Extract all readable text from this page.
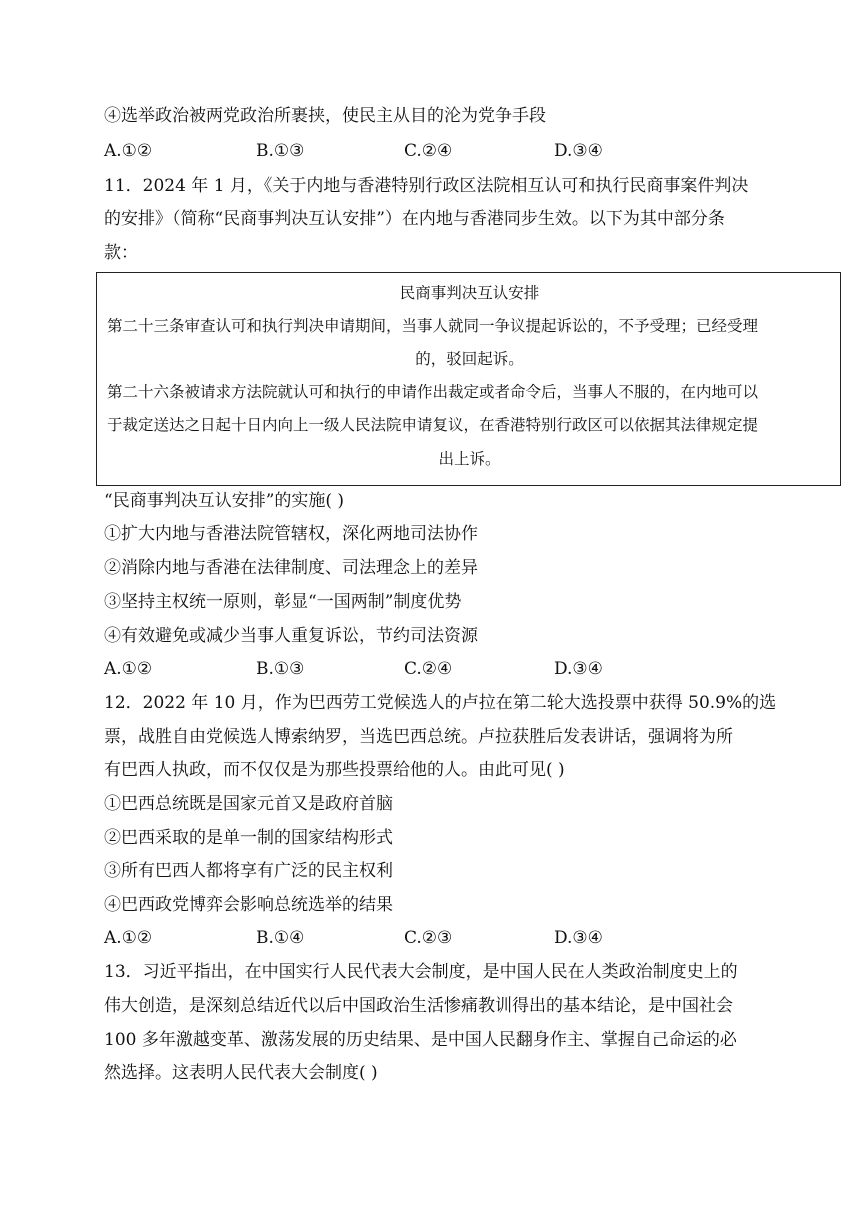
④选举政治被两党政治所裹挟，使民主从目的沦为党争手段
A.①②	B.①③	C.②④	D.③④
11．2024 年 1 月，《关于内地与香港特别行政区法院相互认可和执行民商事案件判决
的安排》（简称“民商事判决互认安排”）在内地与香港同步生效。以下为其中部分条
款：
民商事判决互认安排
第二十三条审查认可和执行判决申请期间，当事人就同一争议提起诉讼的，不予受理；已经受理
的，驳回起诉。
第二十六条被请求方法院就认可和执行的申请作出裁定或者命令后，当事人不服的，在内地可以
于裁定送达之日起十日内向上一级人民法院申请复议，在香港特别行政区可以依据其法律规定提
出上诉。
“民商事判决互认安排”的实施( )
①扩大内地与香港法院管辖权，深化两地司法协作
②消除内地与香港在法律制度、司法理念上的差异
③坚持主权统一原则，彰显“一国两制”制度优势
④有效避免或减少当事人重复诉讼，节约司法资源
A.①②	B.①③	C.②④	D.③④
12．2022 年 10 月，作为巴西劳工党候选人的卢拉在第二轮大选投票中获得 50.9%的选
票，战胜自由党候选人博索纳罗，当选巴西总统。卢拉获胜后发表讲话，强调将为所
有巴西人执政，而不仅仅是为那些投票给他的人。由此可见( )
①巴西总统既是国家元首又是政府首脑
②巴西采取的是单一制的国家结构形式
③所有巴西人都将享有广泛的民主权利
④巴西政党博弈会影响总统选举的结果
A.①②	B.①④	C.②③	D.③④
13．习近平指出，在中国实行人民代表大会制度，是中国人民在人类政治制度史上的
伟大创造，是深刻总结近代以后中国政治生活惨痛教训得出的基本结论，是中国社会
100 多年激越变革、激荡发展的历史结果、是中国人民翻身作主、掌握自己命运的必
然选择。这表明人民代表大会制度( )
